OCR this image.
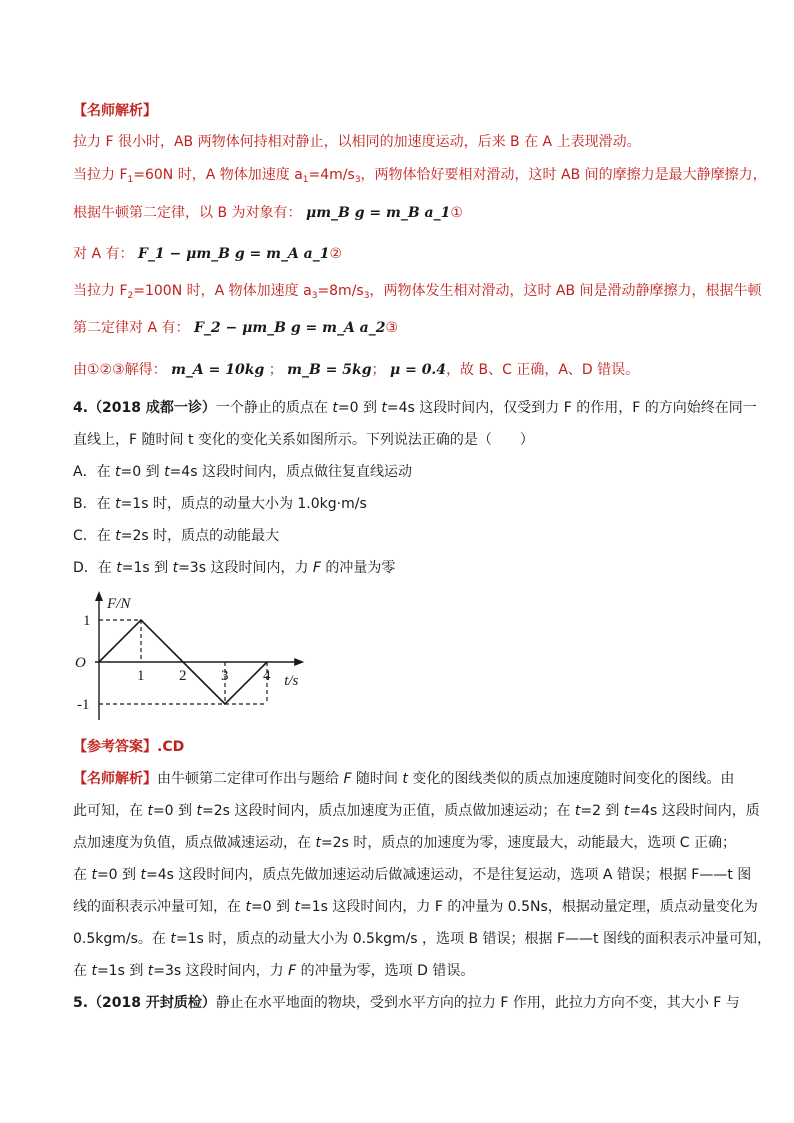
【名师解析】
拉力 F 很小时，AB 两物体何持相对静止，以相同的加速度运动，后来 B 在 A 上表现滑动。
当拉力 $F_1=60N$ 时，A 物体加速度 $a_1=4m/s_3$，两物体恰好要相对滑动，这时 AB 间的摩擦力是最大静摩擦力，
根据牛顿第二定律，以 B 为对象有： μm_B g = m_B a_1①
对 A 有： F_1 − μm_B g = m_A a_1②
当拉力 $F_2=100N$ 时，A 物体加速度 $a_3=8m/s_3$，两物体发生相对滑动，这时 AB 间是滑动静摩擦力，根据牛顿
第二定律对 A 有： F_2 − μm_B g = m_A a_2③
由①②③解得： m_A = 10kg ； m_B = 5kg； μ = 0.4，故 B、C 正确，A、D 错误。
4.（2018 成都一诊）一个静止的质点在 t=0 到 t=4s 这段时间内，仅受到力 F 的作用，F 的方向始终在同一
直线上，F 随时间 t 变化的变化关系如图所示。下列说法正确的是（　　）
A．在 t=0 到 t=4s 这段时间内，质点做往复直线运动
B．在 t=1s 时，质点的动量大小为 1.0kg·m/s
C．在 t=2s 时，质点的动能最大
D．在 t=1s 到 t=3s 这段时间内，力 F 的冲量为零
F/N
t/s
O
1
-1
1 2 3 4
【参考答案】.CD
【名师解析】由牛顿第二定律可作出与题给 F 随时间 t 变化的图线类似的质点加速度随时间变化的图线。由
此可知，在 t=0 到 t=2s 这段时间内，质点加速度为正值，质点做加速运动；在 t=2 到 t=4s 这段时间内，质
点加速度为负值，质点做减速运动，在 t=2s 时，质点的加速度为零，速度最大，动能最大，选项 C 正确；
在 t=0 到 t=4s 这段时间内，质点先做加速运动后做减速运动，不是往复运动，选项 A 错误；根据 F——t 图
线的面积表示冲量可知，在 t=0 到 t=1s 这段时间内，力 F 的冲量为 0.5Ns，根据动量定理，质点动量变化为
0.5kgm/s。在 t=1s 时，质点的动量大小为 0.5kgm/s ，选项 B 错误；根据 F——t 图线的面积表示冲量可知，
在 t=1s 到 t=3s 这段时间内，力 F 的冲量为零，选项 D 错误。
5.（2018 开封质检）静止在水平地面的物块，受到水平方向的拉力 F 作用，此拉力方向不变，其大小 F 与
